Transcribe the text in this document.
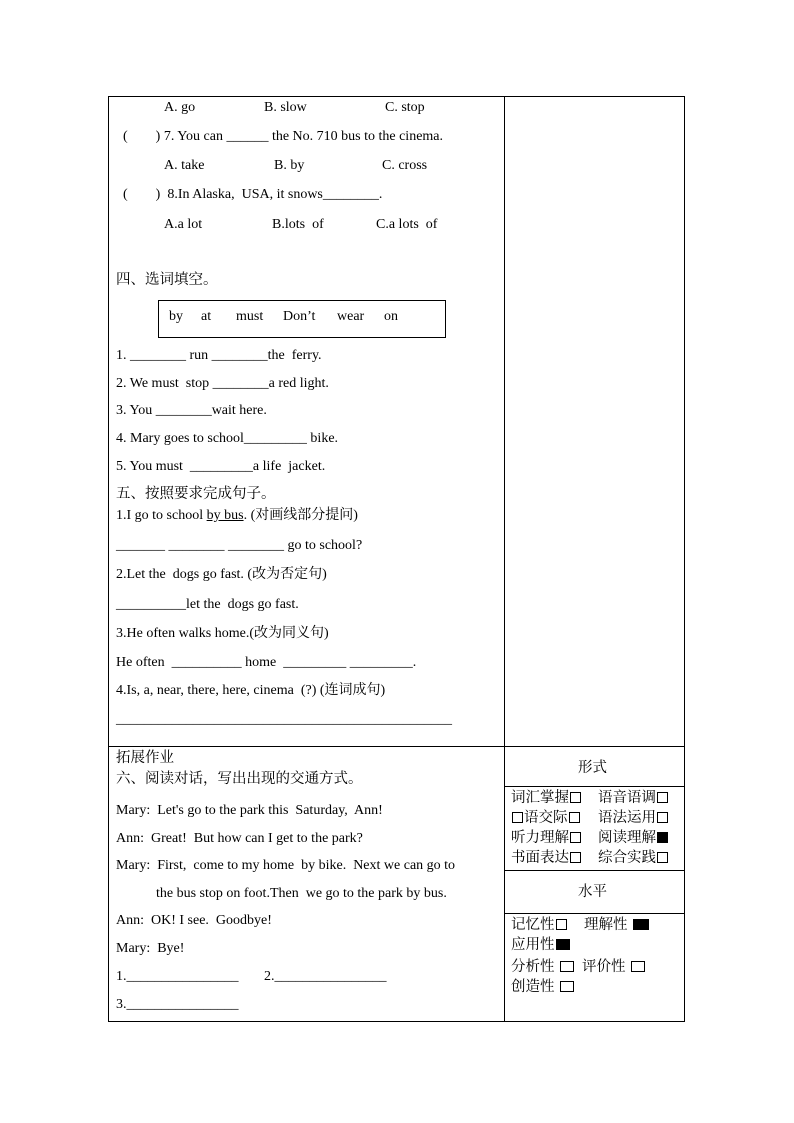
A. go	B. slow	C. stop
(        ) 7. You can ______ the No. 710 bus to the cinema.
A. take	B. by	C. cross
(        )  8.In Alaska,  USA, it snows________.
A.a lot	B.lots  of	C.a lots  of
四、选词填空。
by at must Don’t wear on
1. ________ run ________the  ferry.
2. We must  stop ________a red light.
3. You ________wait here.
4. Mary goes to school_________ bike.
5. You must  _________a life  jacket.
五、按照要求完成句子。
1.I go to school by bus. (对画线部分提问)
_______ ________ ________ go to school?
2.Let the  dogs go fast. (改为否定句)
__________let the  dogs go fast.
3.He often walks home.(改为同义句)
He often  __________ home  _________ _________.
4.Is, a, near, there, here, cinema  (?) (连词成句)
________________________________________________
拓展作业
六、阅读对话，写出出现的交通方式。
Mary:  Let's go to the park this  Saturday,  Ann!
Ann:  Great!  But how can I get to the park?
Mary:  First,  come to my home  by bike.  Next we can go to
the bus stop on foot.Then  we go to the park by bus.
Ann:  OK! I see.  Goodbye!
Mary:  Bye!
1.________________ 2.________________
3.________________
形式
词汇掌握	语音语调
语交际	语法运用
听力理解	阅读理解
书面表达	综合实践
水平
记忆性	理解性
应用性
分析性	评价性
创造性
